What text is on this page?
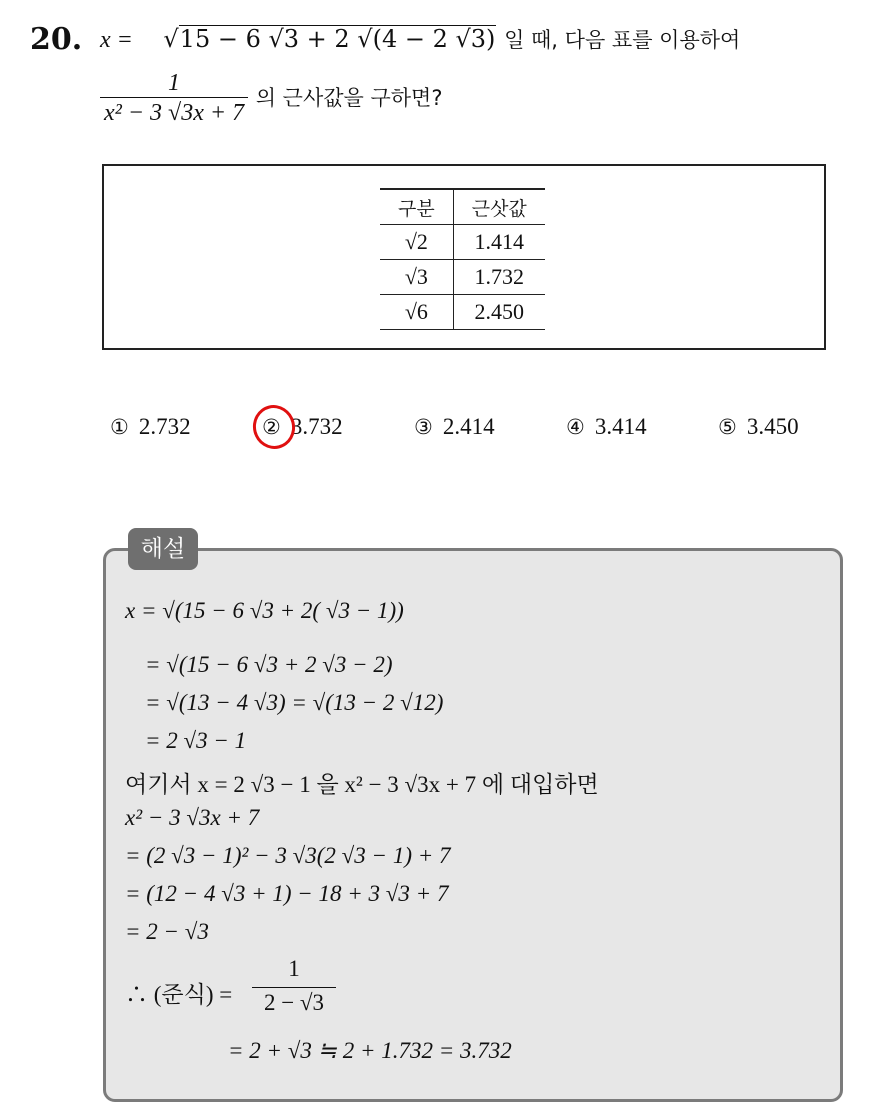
20. x = √15 − 6 √3 + 2 √(4 − 2 √3) 일 때, 다음 표를 이용하여
$\frac{1}{\text{x² − 3 √3x + 7}}$ 의 근사값을 구하면?
구분	근삿값
√2	1.414
√3	1.732
√6	2.450
① 2.732	② 3.732	③ 2.414	④ 3.414	⑤ 3.450
해설
x = √(15 − 6 √3 + 2( √3 − 1))
= √(15 − 6 √3 + 2 √3 − 2)
= √(13 − 4 √3) = √(13 − 2 √12)
= 2 √3 − 1
여기서 x = 2 √3 − 1 을 x² − 3 √3x + 7 에 대입하면
x² − 3 √3x + 7
= (2 √3 − 1)² − 3 √3(2 √3 − 1) + 7
= (12 − 4 √3 + 1) − 18 + 3 √3 + 7
= 2 − √3
∴ (준식) =
1
2 − √3
= 2 + √3 ≒ 2 + 1.732 = 3.732
